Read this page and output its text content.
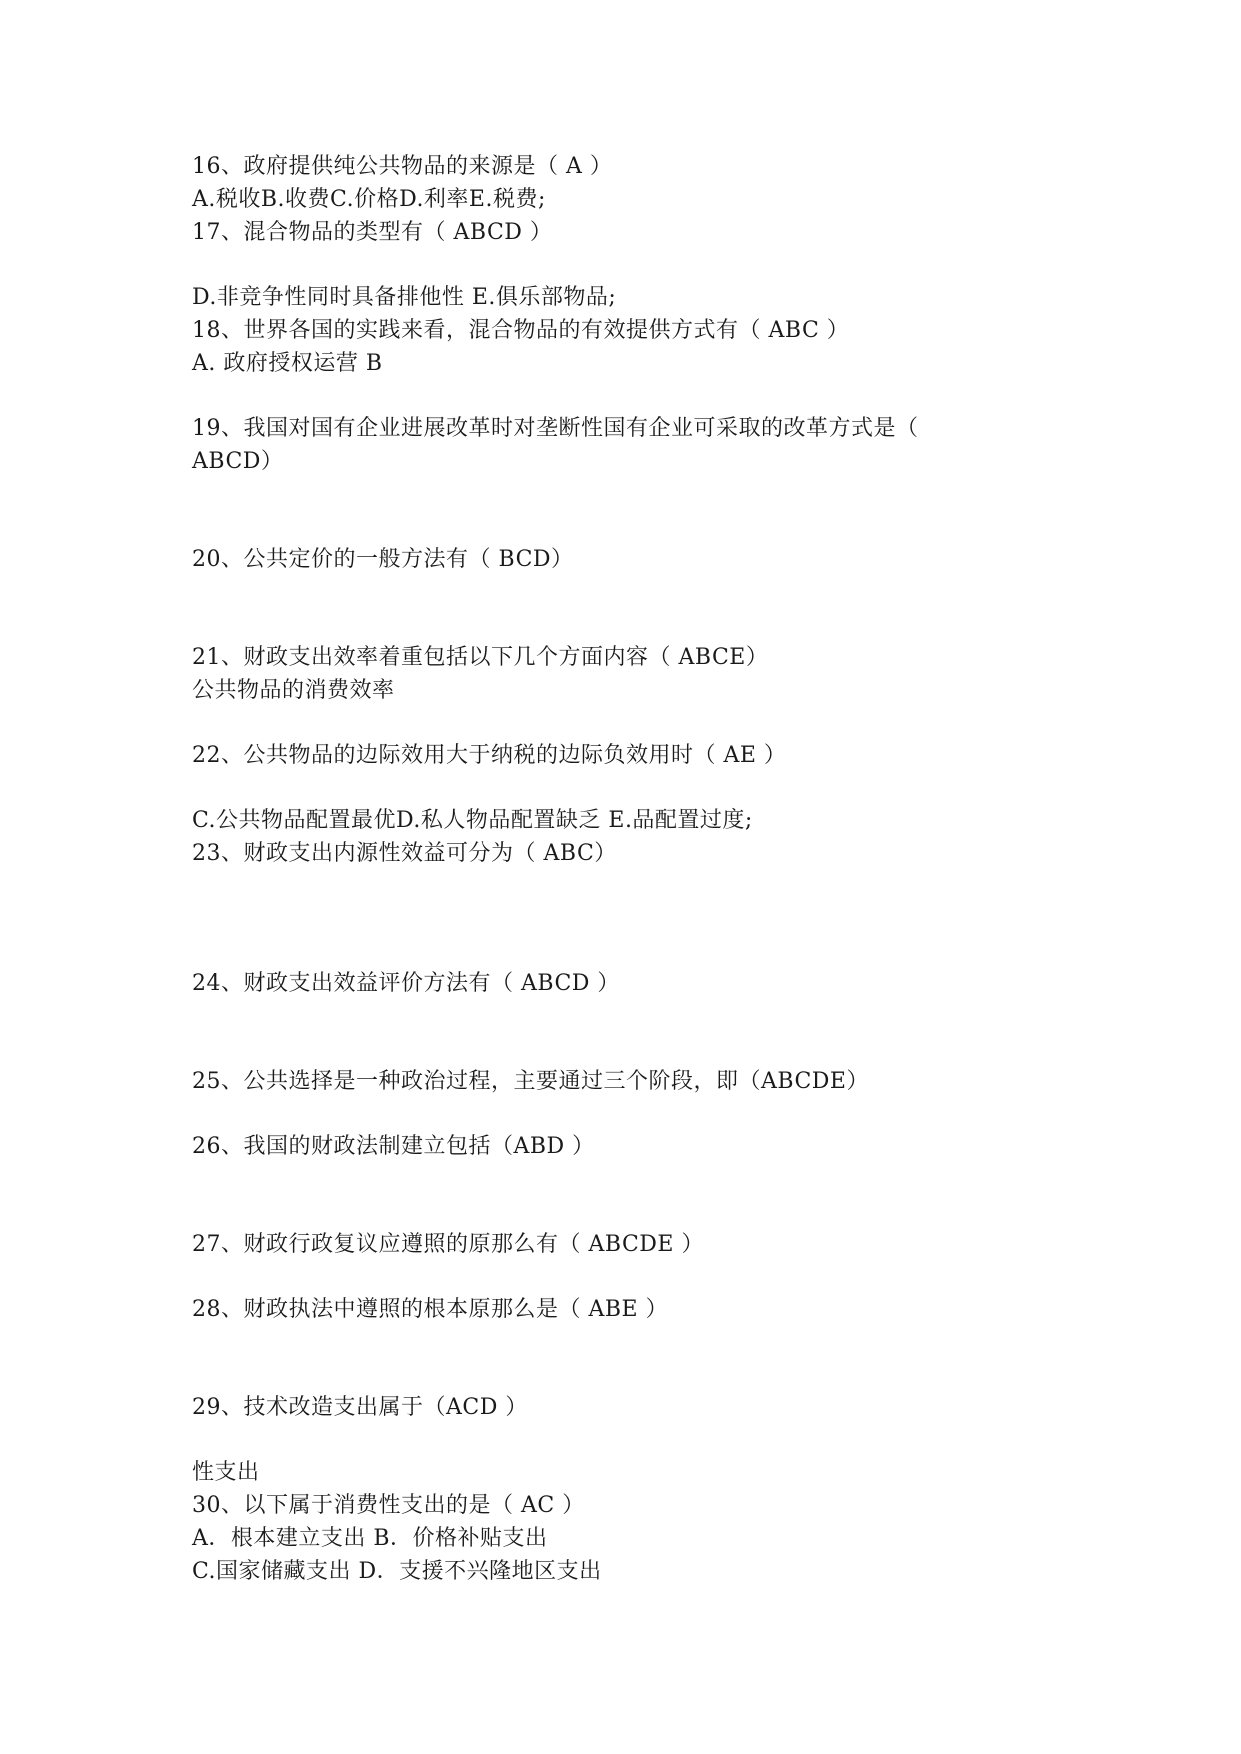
16、政府提供纯公共物品的来源是（ A ）
A.税收B.收费C.价格D.利率E.税费;
17、混合物品的类型有（ ABCD ）
D.非竞争性同时具备排他性 E.俱乐部物品;
18、世界各国的实践来看，混合物品的有效提供方式有（ ABC ）
A. 政府授权运营 B
19、我国对国有企业进展改革时对垄断性国有企业可采取的改革方式是（
ABCD）
20、公共定价的一般方法有（ BCD）
21、财政支出效率着重包括以下几个方面内容（ ABCE）
公共物品的消费效率
22、公共物品的边际效用大于纳税的边际负效用时（ AE ）
C.公共物品配置最优D.私人物品配置缺乏 E.品配置过度;
23、财政支出内源性效益可分为（ ABC）
24、财政支出效益评价方法有（ ABCD ）
25、公共选择是一种政治过程，主要通过三个阶段，即（ABCDE）
26、我国的财政法制建立包括（ABD ）
27、财政行政复议应遵照的原那么有（ ABCDE ）
28、财政执法中遵照的根本原那么是（ ABE ）
29、技术改造支出属于（ACD ）
性支出
30、以下属于消费性支出的是（ AC ）
A．根本建立支出 B．价格补贴支出
C.国家储藏支出 D．支援不兴隆地区支出
